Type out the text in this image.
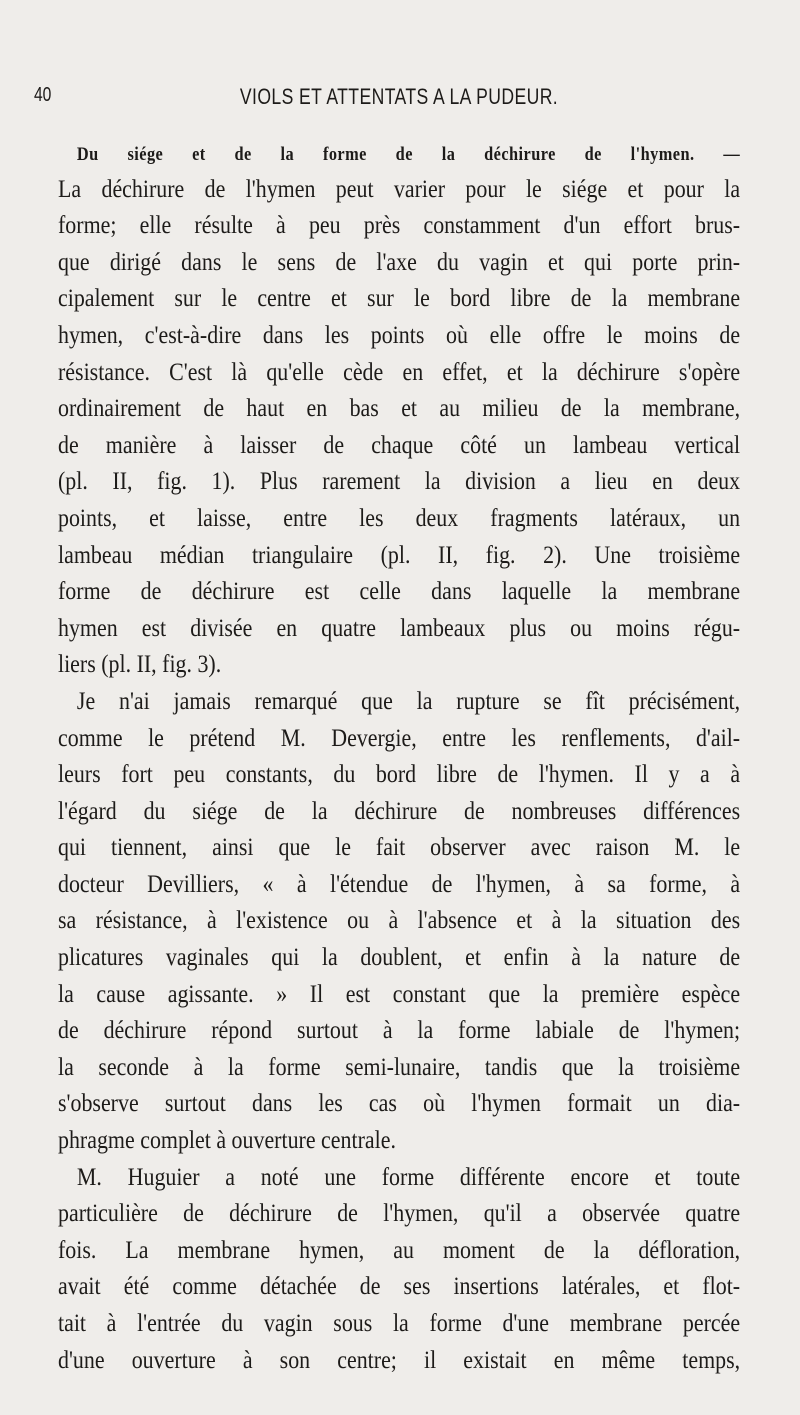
40	VIOLS ET ATTENTATS A LA PUDEUR.
Du siége et de la forme de la déchirure de l'hymen. —
La déchirure de l'hymen peut varier pour le siége et pour la
forme; elle résulte à peu près constamment d'un effort brus-
que dirigé dans le sens de l'axe du vagin et qui porte prin-
cipalement sur le centre et sur le bord libre de la membrane
hymen, c'est-à-dire dans les points où elle offre le moins de
résistance. C'est là qu'elle cède en effet, et la déchirure s'opère
ordinairement de haut en bas et au milieu de la membrane,
de manière à laisser de chaque côté un lambeau vertical
(pl. II, fig. 1). Plus rarement la division a lieu en deux
points, et laisse, entre les deux fragments latéraux, un
lambeau médian triangulaire (pl. II, fig. 2). Une troisième
forme de déchirure est celle dans laquelle la membrane
hymen est divisée en quatre lambeaux plus ou moins régu-
liers (pl. II, fig. 3).
Je n'ai jamais remarqué que la rupture se fît précisément,
comme le prétend M. Devergie, entre les renflements, d'ail-
leurs fort peu constants, du bord libre de l'hymen. Il y a à
l'égard du siége de la déchirure de nombreuses différences
qui tiennent, ainsi que le fait observer avec raison M. le
docteur Devilliers, « à l'étendue de l'hymen, à sa forme, à
sa résistance, à l'existence ou à l'absence et à la situation des
plicatures vaginales qui la doublent, et enfin à la nature de
la cause agissante. » Il est constant que la première espèce
de déchirure répond surtout à la forme labiale de l'hymen;
la seconde à la forme semi-lunaire, tandis que la troisième
s'observe surtout dans les cas où l'hymen formait un dia-
phragme complet à ouverture centrale.
M. Huguier a noté une forme différente encore et toute
particulière de déchirure de l'hymen, qu'il a observée quatre
fois. La membrane hymen, au moment de la défloration,
avait été comme détachée de ses insertions latérales, et flot-
tait à l'entrée du vagin sous la forme d'une membrane percée
d'une ouverture à son centre; il existait en même temps,
